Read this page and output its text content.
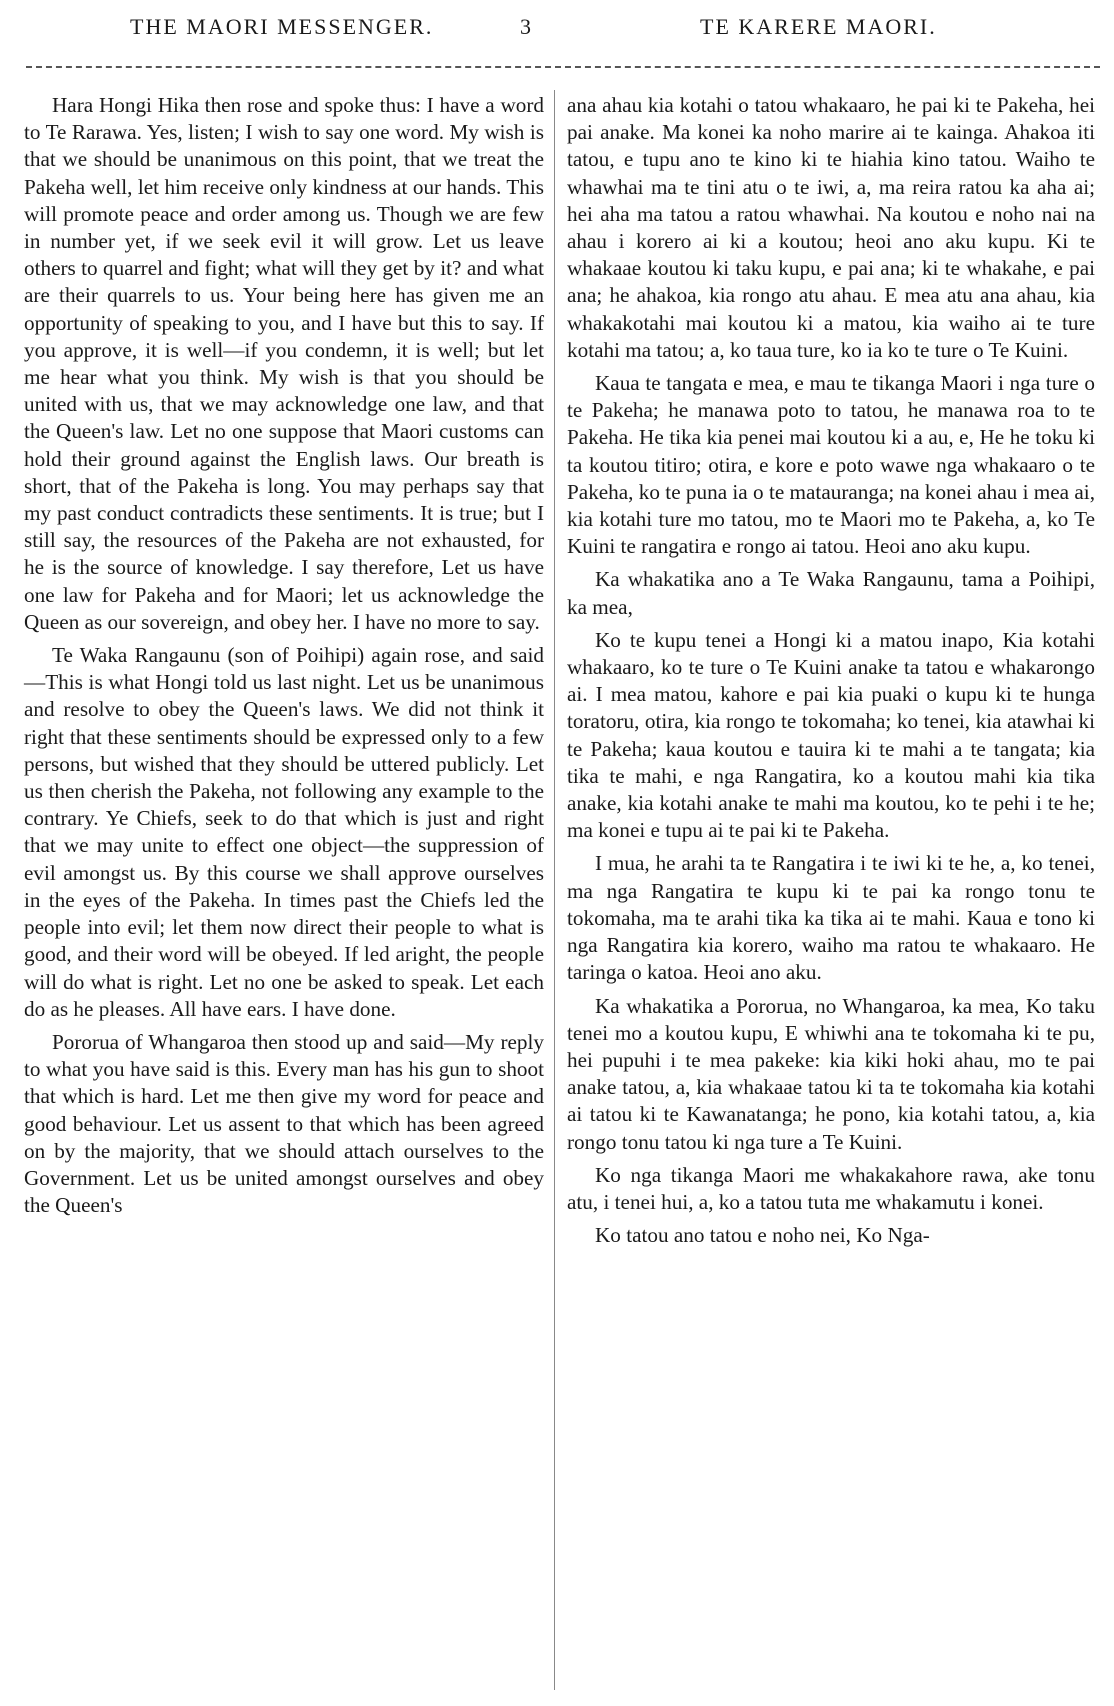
THE MAORI MESSENGER.	3	TE KARERE MAORI.

Hara Hongi Hika then rose and spoke thus: I have a word to Te Rarawa. Yes, listen; I wish to say one word. My wish is that we should be unanimous on this point, that we treat the Pakeha well, let him receive only kindness at our hands. This will promote peace and order among us. Though we are few in number yet, if we seek evil it will grow. Let us leave others to quarrel and fight; what will they get by it? and what are their quarrels to us. Your being here has given me an opportunity of speaking to you, and I have but this to say. If you approve, it is well—if you condemn, it is well; but let me hear what you think. My wish is that you should be united with us, that we may acknowledge one law, and that the Queen's law. Let no one suppose that Maori customs can hold their ground against the English laws. Our breath is short, that of the Pakeha is long. You may perhaps say that my past conduct contradicts these sentiments. It is true; but I still say, the resources of the Pakeha are not exhausted, for he is the source of knowledge. I say therefore, Let us have one law for Pakeha and for Maori; let us acknowledge the Queen as our sovereign, and obey her. I have no more to say.

Te Waka Rangaunu (son of Poihipi) again rose, and said—This is what Hongi told us last night. Let us be unanimous and resolve to obey the Queen's laws. We did not think it right that these sentiments should be expressed only to a few persons, but wished that they should be uttered publicly. Let us then cherish the Pakeha, not following any example to the contrary. Ye Chiefs, seek to do that which is just and right that we may unite to effect one object—the suppression of evil amongst us. By this course we shall approve ourselves in the eyes of the Pakeha. In times past the Chiefs led the people into evil; let them now direct their people to what is good, and their word will be obeyed. If led aright, the people will do what is right. Let no one be asked to speak. Let each do as he pleases. All have ears. I have done.

Pororua of Whangaroa then stood up and said—My reply to what you have said is this. Every man has his gun to shoot that which is hard. Let me then give my word for peace and good behaviour. Let us assent to that which has been agreed on by the majority, that we should attach ourselves to the Government. Let us be united amongst ourselves and obey the Queen's

ana ahau kia kotahi o tatou whakaaro, he pai ki te Pakeha, hei pai anake. Ma konei ka noho marire ai te kainga. Ahakoa iti tatou, e tupu ano te kino ki te hiahia kino tatou. Waiho te whawhai ma te tini atu o te iwi, a, ma reira ratou ka aha ai; hei aha ma tatou a ratou whawhai. Na koutou e noho nai na ahau i korero ai ki a koutou; heoi ano aku kupu. Ki te whakaae koutou ki taku kupu, e pai ana; ki te whakahe, e pai ana; he ahakoa, kia rongo atu ahau. E mea atu ana ahau, kia whakakotahi mai koutou ki a matou, kia waiho ai te ture kotahi ma tatou; a, ko taua ture, ko ia ko te ture o Te Kuini.

Kaua te tangata e mea, e mau te tikanga Maori i nga ture o te Pakeha; he manawa poto to tatou, he manawa roa to te Pakeha. He tika kia penei mai koutou ki a au, e, He he toku ki ta koutou titiro; otira, e kore e poto wawe nga whakaaro o te Pakeha, ko te puna ia o te matauranga; na konei ahau i mea ai, kia kotahi ture mo tatou, mo te Maori mo te Pakeha, a, ko Te Kuini te rangatira e rongo ai tatou. Heoi ano aku kupu.

Ka whakatika ano a Te Waka Rangaunu, tama a Poihipi, ka mea,

Ko te kupu tenei a Hongi ki a matou inapo, Kia kotahi whakaaro, ko te ture o Te Kuini anake ta tatou e whakarongo ai. I mea matou, kahore e pai kia puaki o kupu ki te hunga toratoru, otira, kia rongo te tokomaha; ko tenei, kia atawhai ki te Pakeha; kaua koutou e tauira ki te mahi a te tangata; kia tika te mahi, e nga Rangatira, ko a koutou mahi kia tika anake, kia kotahi anake te mahi ma koutou, ko te pehi i te he; ma konei e tupu ai te pai ki te Pakeha.

I mua, he arahi ta te Rangatira i te iwi ki te he, a, ko tenei, ma nga Rangatira te kupu ki te pai ka rongo tonu te tokomaha, ma te arahi tika ka tika ai te mahi. Kaua e tono ki nga Rangatira kia korero, waiho ma ratou te whakaaro. He taringa o katoa. Heoi ano aku.

Ka whakatika a Pororua, no Whangaroa, ka mea, Ko taku tenei mo a koutou kupu, E whiwhi ana te tokomaha ki te pu, hei pupuhi i te mea pakeke: kia kiki hoki ahau, mo te pai anake tatou, a, kia whakaae tatou ki ta te tokomaha kia kotahi ai tatou ki te Kawanatanga; he pono, kia kotahi tatou, a, kia rongo tonu tatou ki nga ture a Te Kuini.

Ko nga tikanga Maori me whakakahore rawa, ake tonu atu, i tenei hui, a, ko a tatou tuta me whakamutu i konei.

Ko tatou ano tatou e noho nei, Ko Nga-
